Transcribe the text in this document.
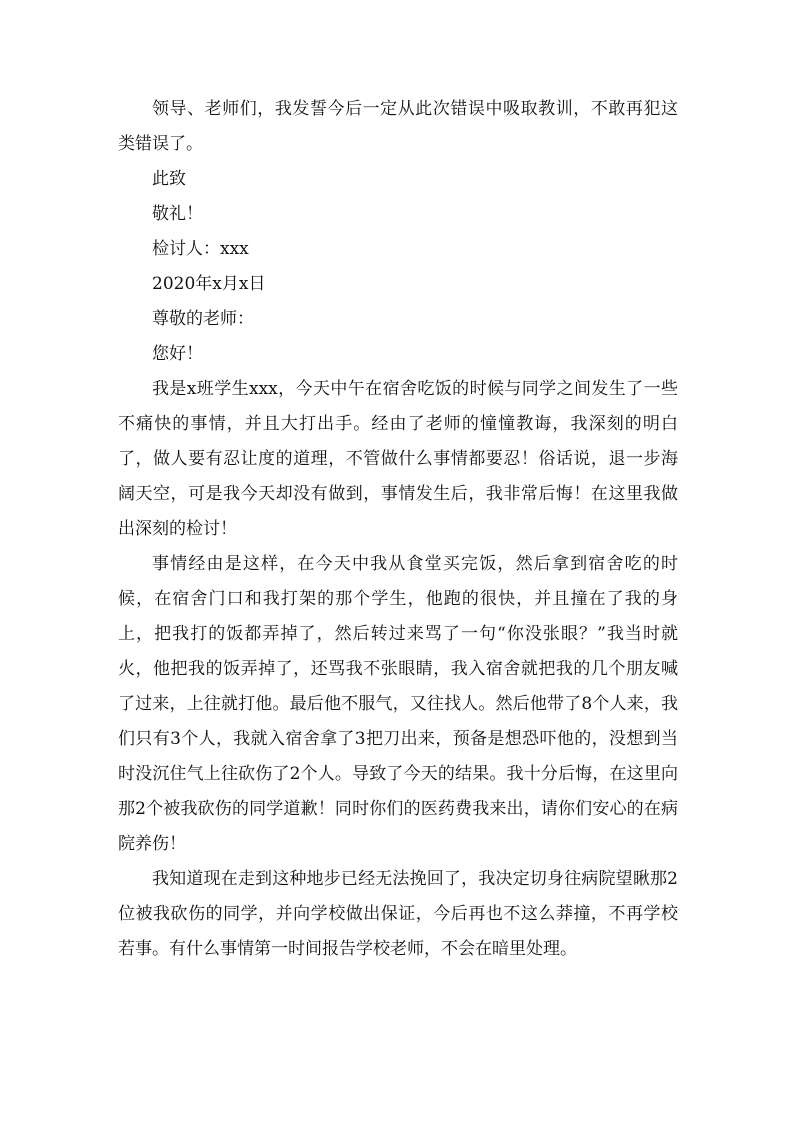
领导、老师们，我发誓今后一定从此次错误中吸取教训，不敢再犯这类错误了。

此致

敬礼！

检讨人：xxx

2020年x月x日

尊敬的老师：

您好！

我是x班学生xxx，今天中午在宿舍吃饭的时候与同学之间发生了一些不痛快的事情，并且大打出手。经由了老师的憧憧教诲，我深刻的明白了，做人要有忍让度的道理，不管做什么事情都要忍！俗话说，退一步海阔天空，可是我今天却没有做到，事情发生后，我非常后悔！在这里我做出深刻的检讨！

事情经由是这样，在今天中我从食堂买完饭，然后拿到宿舍吃的时候，在宿舍门口和我打架的那个学生，他跑的很快，并且撞在了我的身上，把我打的饭都弄掉了，然后转过来骂了一句“你没张眼？”我当时就火，他把我的饭弄掉了，还骂我不张眼睛，我入宿舍就把我的几个朋友喊了过来，上往就打他。最后他不服气，又往找人。然后他带了8个人来，我们只有3个人，我就入宿舍拿了3把刀出来，预备是想恐吓他的，没想到当时没沉住气上往砍伤了2个人。导致了今天的结果。我十分后悔，在这里向那2个被我砍伤的同学道歉！同时你们的医药费我来出，请你们安心的在病院养伤！

我知道现在走到这种地步已经无法挽回了，我决定切身往病院望瞅那2位被我砍伤的同学，并向学校做出保证，今后再也不这么莽撞，不再学校若事。有什么事情第一时间报告学校老师，不会在暗里处理。
